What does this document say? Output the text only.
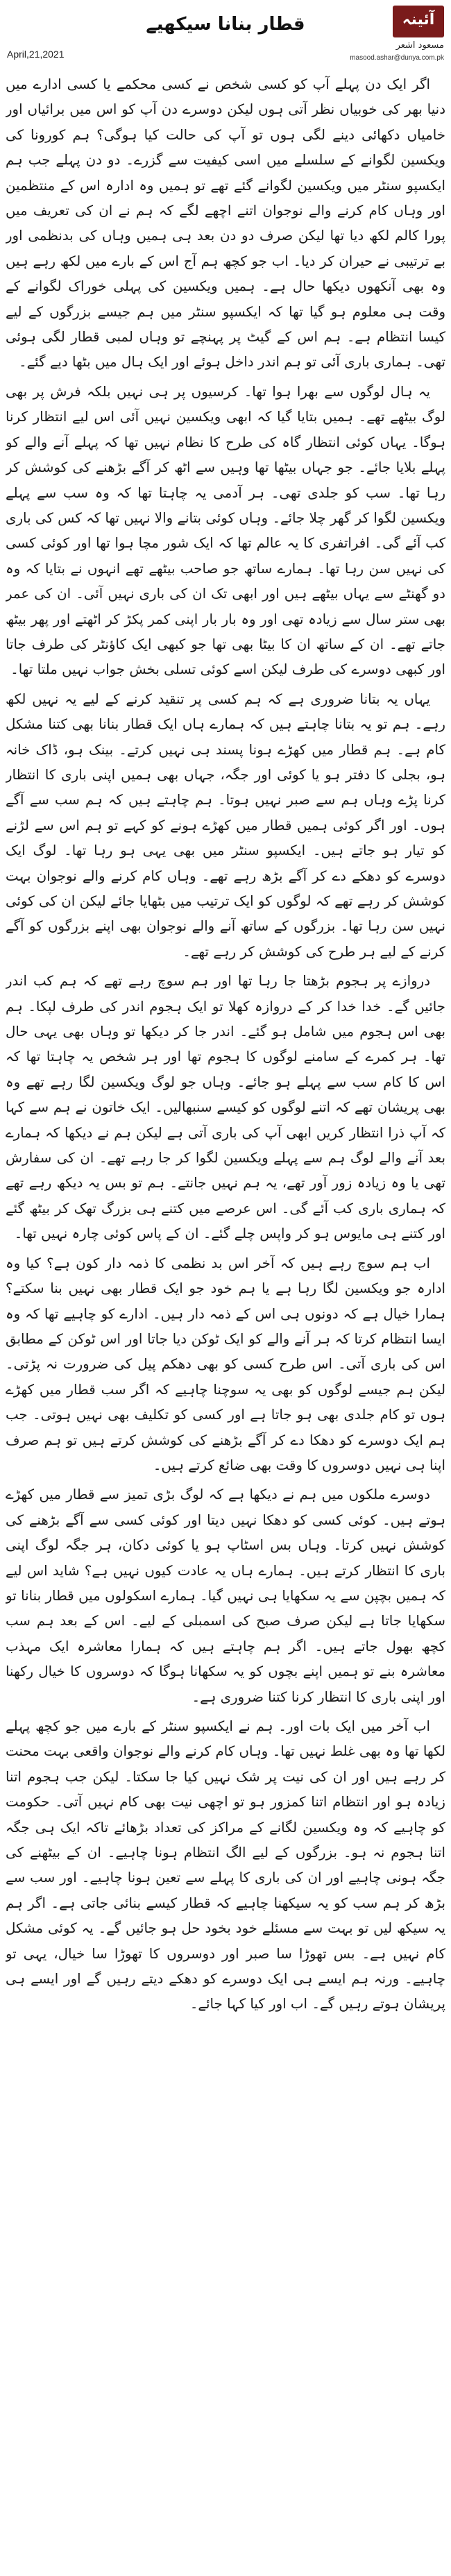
April,21,2021
قطار بنانا سیکھیے	آئینہ
مسعود اشعر
masood.ashar@dunya.com.pk

اگر ایک دن پہلے آپ کو کسی شخص نے کسی محکمے یا کسی ادارے میں دنیا بھر کی خوبیاں نظر آتی ہوں لیکن دوسرے دن آپ کو اس میں برائیاں اور خامیاں دکھائی دینے لگی ہوں تو آپ کی حالت کیا ہوگی؟ ہم کورونا کی ویکسین لگوانے کے سلسلے میں اسی کیفیت سے گزرے۔ دو دن پہلے جب ہم ایکسپو سنٹر میں ویکسین لگوانے گئے تھے تو ہمیں وہ ادارہ اس کے منتظمین اور وہاں کام کرنے والے نوجوان اتنے اچھے لگے کہ ہم نے ان کی تعریف میں پورا کالم لکھ دیا تھا لیکن صرف دو دن بعد ہی ہمیں وہاں کی بدنظمی اور بے ترتیبی نے حیران کر دیا۔ اب جو کچھ ہم آج اس کے بارے میں لکھ رہے ہیں وہ بھی آنکھوں دیکھا حال ہے۔ ہمیں ویکسین کی پہلی خوراک لگوانے کے وقت ہی معلوم ہو گیا تھا کہ ایکسپو سنٹر میں ہم جیسے بزرگوں کے لیے کیسا انتظام ہے۔ ہم اس کے گیٹ پر پہنچے تو وہاں لمبی قطار لگی ہوئی تھی۔ ہماری باری آئی تو ہم اندر داخل ہوئے اور ایک ہال میں بٹھا دیے گئے۔

یہ ہال لوگوں سے بھرا ہوا تھا۔ کرسیوں پر ہی نہیں بلکہ فرش پر بھی لوگ بیٹھے تھے۔ ہمیں بتایا گیا کہ ابھی ویکسین نہیں آئی اس لیے انتظار کرنا ہوگا۔ یہاں کوئی انتظار گاہ کی طرح کا نظام نہیں تھا کہ پہلے آنے والے کو پہلے بلایا جائے۔ جو جہاں بیٹھا تھا وہیں سے اٹھ کر آگے بڑھنے کی کوشش کر رہا تھا۔ سب کو جلدی تھی۔ ہر آدمی یہ چاہتا تھا کہ وہ سب سے پہلے ویکسین لگوا کر گھر چلا جائے۔ وہاں کوئی بتانے والا نہیں تھا کہ کس کی باری کب آئے گی۔ افراتفری کا یہ عالم تھا کہ ایک شور مچا ہوا تھا اور کوئی کسی کی نہیں سن رہا تھا۔ ہمارے ساتھ جو صاحب بیٹھے تھے انہوں نے بتایا کہ وہ دو گھنٹے سے یہاں بیٹھے ہیں اور ابھی تک ان کی باری نہیں آئی۔ ان کی عمر بھی ستر سال سے زیادہ تھی اور وہ بار بار اپنی کمر پکڑ کر اٹھتے اور پھر بیٹھ جاتے تھے۔ ان کے ساتھ ان کا بیٹا بھی تھا جو کبھی ایک کاؤنٹر کی طرف جاتا اور کبھی دوسرے کی طرف لیکن اسے کوئی تسلی بخش جواب نہیں ملتا تھا۔

یہاں یہ بتانا ضروری ہے کہ ہم کسی پر تنقید کرنے کے لیے یہ نہیں لکھ رہے۔ ہم تو یہ بتانا چاہتے ہیں کہ ہمارے ہاں ایک قطار بنانا بھی کتنا مشکل کام ہے۔ ہم قطار میں کھڑے ہونا پسند ہی نہیں کرتے۔ بینک ہو، ڈاک خانہ ہو، بجلی کا دفتر ہو یا کوئی اور جگہ، جہاں بھی ہمیں اپنی باری کا انتظار کرنا پڑے وہاں ہم سے صبر نہیں ہوتا۔ ہم چاہتے ہیں کہ ہم سب سے آگے ہوں۔ اور اگر کوئی ہمیں قطار میں کھڑے ہونے کو کہے تو ہم اس سے لڑنے کو تیار ہو جاتے ہیں۔ ایکسپو سنٹر میں بھی یہی ہو رہا تھا۔ لوگ ایک دوسرے کو دھکے دے کر آگے بڑھ رہے تھے۔ وہاں کام کرنے والے نوجوان بہت کوشش کر رہے تھے کہ لوگوں کو ایک ترتیب میں بٹھایا جائے لیکن ان کی کوئی نہیں سن رہا تھا۔ بزرگوں کے ساتھ آنے والے نوجوان بھی اپنے بزرگوں کو آگے کرنے کے لیے ہر طرح کی کوشش کر رہے تھے۔

دروازے پر ہجوم بڑھتا جا رہا تھا اور ہم سوچ رہے تھے کہ ہم کب اندر جائیں گے۔ خدا خدا کر کے دروازہ کھلا تو ایک ہجوم اندر کی طرف لپکا۔ ہم بھی اس ہجوم میں شامل ہو گئے۔ اندر جا کر دیکھا تو وہاں بھی یہی حال تھا۔ ہر کمرے کے سامنے لوگوں کا ہجوم تھا اور ہر شخص یہ چاہتا تھا کہ اس کا کام سب سے پہلے ہو جائے۔ وہاں جو لوگ ویکسین لگا رہے تھے وہ بھی پریشان تھے کہ اتنے لوگوں کو کیسے سنبھالیں۔ ایک خاتون نے ہم سے کہا کہ آپ ذرا انتظار کریں ابھی آپ کی باری آتی ہے لیکن ہم نے دیکھا کہ ہمارے بعد آنے والے لوگ ہم سے پہلے ویکسین لگوا کر جا رہے تھے۔ ان کی سفارش تھی یا وہ زیادہ زور آور تھے، یہ ہم نہیں جانتے۔ ہم تو بس یہ دیکھ رہے تھے کہ ہماری باری کب آئے گی۔ اس عرصے میں کتنے ہی بزرگ تھک کر بیٹھ گئے اور کتنے ہی مایوس ہو کر واپس چلے گئے۔ ان کے پاس کوئی چارہ نہیں تھا۔

اب ہم سوچ رہے ہیں کہ آخر اس بد نظمی کا ذمہ دار کون ہے؟ کیا وہ ادارہ جو ویکسین لگا رہا ہے یا ہم خود جو ایک قطار بھی نہیں بنا سکتے؟ ہمارا خیال ہے کہ دونوں ہی اس کے ذمہ دار ہیں۔ ادارے کو چاہیے تھا کہ وہ ایسا انتظام کرتا کہ ہر آنے والے کو ایک ٹوکن دیا جاتا اور اس ٹوکن کے مطابق اس کی باری آتی۔ اس طرح کسی کو بھی دھکم پیل کی ضرورت نہ پڑتی۔ لیکن ہم جیسے لوگوں کو بھی یہ سوچنا چاہیے کہ اگر سب قطار میں کھڑے ہوں تو کام جلدی بھی ہو جاتا ہے اور کسی کو تکلیف بھی نہیں ہوتی۔ جب ہم ایک دوسرے کو دھکا دے کر آگے بڑھنے کی کوشش کرتے ہیں تو ہم صرف اپنا ہی نہیں دوسروں کا وقت بھی ضائع کرتے ہیں۔

دوسرے ملکوں میں ہم نے دیکھا ہے کہ لوگ بڑی تمیز سے قطار میں کھڑے ہوتے ہیں۔ کوئی کسی کو دھکا نہیں دیتا اور کوئی کسی سے آگے بڑھنے کی کوشش نہیں کرتا۔ وہاں بس اسٹاپ ہو یا کوئی دکان، ہر جگہ لوگ اپنی باری کا انتظار کرتے ہیں۔ ہمارے ہاں یہ عادت کیوں نہیں ہے؟ شاید اس لیے کہ ہمیں بچپن سے یہ سکھایا ہی نہیں گیا۔ ہمارے اسکولوں میں قطار بنانا تو سکھایا جاتا ہے لیکن صرف صبح کی اسمبلی کے لیے۔ اس کے بعد ہم سب کچھ بھول جاتے ہیں۔ اگر ہم چاہتے ہیں کہ ہمارا معاشرہ ایک مہذب معاشرہ بنے تو ہمیں اپنے بچوں کو یہ سکھانا ہوگا کہ دوسروں کا خیال رکھنا اور اپنی باری کا انتظار کرنا کتنا ضروری ہے۔

اب آخر میں ایک بات اور۔ ہم نے ایکسپو سنٹر کے بارے میں جو کچھ پہلے لکھا تھا وہ بھی غلط نہیں تھا۔ وہاں کام کرنے والے نوجوان واقعی بہت محنت کر رہے ہیں اور ان کی نیت پر شک نہیں کیا جا سکتا۔ لیکن جب ہجوم اتنا زیادہ ہو اور انتظام اتنا کمزور ہو تو اچھی نیت بھی کام نہیں آتی۔ حکومت کو چاہیے کہ وہ ویکسین لگانے کے مراکز کی تعداد بڑھائے تاکہ ایک ہی جگہ اتنا ہجوم نہ ہو۔ بزرگوں کے لیے الگ انتظام ہونا چاہیے۔ ان کے بیٹھنے کی جگہ ہونی چاہیے اور ان کی باری کا پہلے سے تعین ہونا چاہیے۔ اور سب سے بڑھ کر ہم سب کو یہ سیکھنا چاہیے کہ قطار کیسے بنائی جاتی ہے۔ اگر ہم یہ سیکھ لیں تو بہت سے مسئلے خود بخود حل ہو جائیں گے۔ یہ کوئی مشکل کام نہیں ہے۔ بس تھوڑا سا صبر اور دوسروں کا تھوڑا سا خیال، یہی تو چاہیے۔ ورنہ ہم ایسے ہی ایک دوسرے کو دھکے دیتے رہیں گے اور ایسے ہی پریشان ہوتے رہیں گے۔ اب اور کیا کہا جائے۔
